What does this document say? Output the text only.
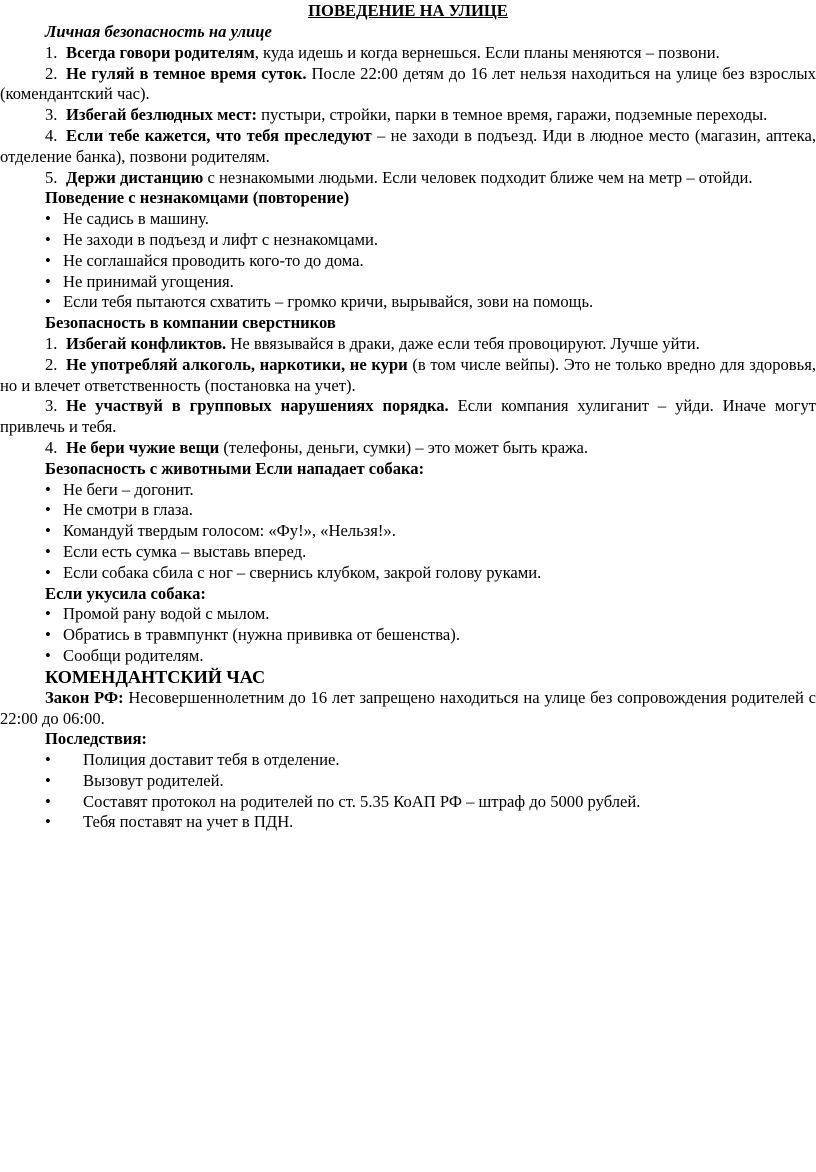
ПОВЕДЕНИЕ НА УЛИЦЕ
Личная безопасность на улице
1. Всегда говори родителям, куда идешь и когда вернешься. Если планы меняются – позвони.
2. Не гуляй в темное время суток. После 22:00 детям до 16 лет нельзя находиться на улице без взрослых (комендантский час).
3. Избегай безлюдных мест: пустыри, стройки, парки в темное время, гаражи, подземные переходы.
4. Если тебе кажется, что тебя преследуют – не заходи в подъезд. Иди в людное место (магазин, аптека, отделение банка), позвони родителям.
5. Держи дистанцию с незнакомыми людьми. Если человек подходит ближе чем на метр – отойди.
Поведение с незнакомцами (повторение)
• Не садись в машину.
• Не заходи в подъезд и лифт с незнакомцами.
• Не соглашайся проводить кого-то до дома.
• Не принимай угощения.
• Если тебя пытаются схватить – громко кричи, вырывайся, зови на помощь.
Безопасность в компании сверстников
1. Избегай конфликтов. Не ввязывайся в драки, даже если тебя провоцируют. Лучше уйти.
2. Не употребляй алкоголь, наркотики, не кури (в том числе вейпы). Это не только вредно для здоровья, но и влечет ответственность (постановка на учет).
3. Не участвуй в групповых нарушениях порядка. Если компания хулиганит – уйди. Иначе могут привлечь и тебя.
4. Не бери чужие вещи (телефоны, деньги, сумки) – это может быть кража.
Безопасность с животными Если нападает собака:
• Не беги – догонит.
• Не смотри в глаза.
• Командуй твердым голосом: «Фу!», «Нельзя!».
• Если есть сумка – выставь вперед.
• Если собака сбила с ног – свернись клубком, закрой голову руками.
Если укусила собака:
• Промой рану водой с мылом.
• Обратись в травмпункт (нужна прививка от бешенства).
• Сообщи родителям.
КОМЕНДАНТСКИЙ ЧАС
Закон РФ: Несовершеннолетним до 16 лет запрещено находиться на улице без сопровождения родителей с 22:00 до 06:00.
Последствия:
• Полиция доставит тебя в отделение.
• Вызовут родителей.
• Составят протокол на родителей по ст. 5.35 КоАП РФ – штраф до 5000 рублей.
• Тебя поставят на учет в ПДН.
